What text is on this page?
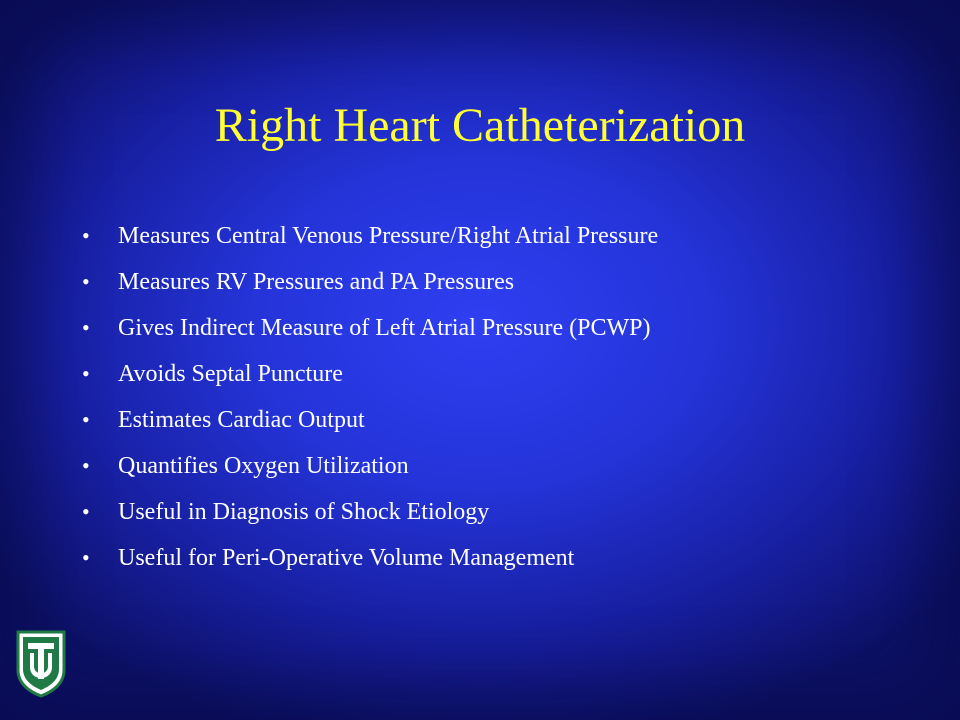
Right Heart Catheterization
•	Measures Central Venous Pressure/Right Atrial Pressure
•	Measures RV Pressures and PA Pressures
•	Gives Indirect Measure of Left Atrial Pressure (PCWP)
•	Avoids Septal Puncture
•	Estimates Cardiac Output
•	Quantifies Oxygen Utilization
•	Useful in Diagnosis of Shock Etiology
•	Useful for Peri-Operative Volume Management
